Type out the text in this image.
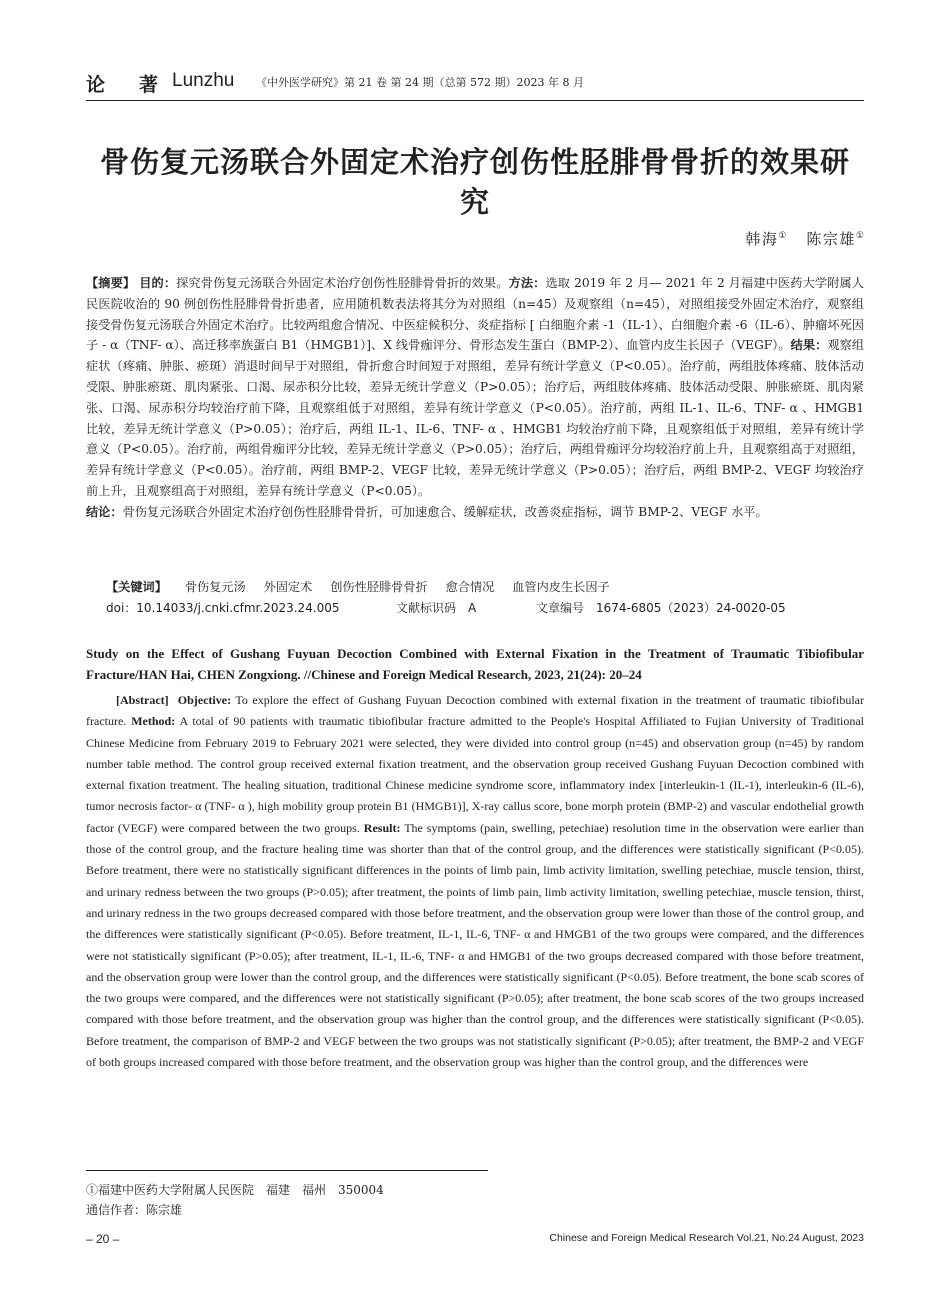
论著
Lunzhu 《中外医学研究》第 21 卷 第 24 期（总第 572 期）2023 年 8 月
骨伤复元汤联合外固定术治疗创伤性胫腓骨骨折的效果研究
韩海① 陈宗雄①
【摘要】 目的：探究骨伤复元汤联合外固定术治疗创伤性胫腓骨骨折的效果。方法：选取 2019 年 2 月— 2021 年 2 月福建中医药大学附属人民医院收治的 90 例创伤性胫腓骨骨折患者，应用随机数表法将其分为对照组（n=45）及观察组（n=45），对照组接受外固定术治疗，观察组接受骨伤复元汤联合外固定术治疗。比较两组愈合情况、中医症候积分、炎症指标 [ 白细胞介素 -1（IL-1）、白细胞介素 -6（IL-6）、肿瘤坏死因子 - α（TNF- α）、高迁移率族蛋白 B1（HMGB1）]、X 线骨痂评分、骨形态发生蛋白（BMP-2）、血管内皮生长因子（VEGF）。结果：观察组症状（疼痛、肿胀、瘀斑）消退时间早于对照组，骨折愈合时间短于对照组，差异有统计学意义（P<0.05）。治疗前，两组肢体疼痛、肢体活动受限、肿胀瘀斑、肌肉紧张、口渴、尿赤积分比较，差异无统计学意义（P>0.05）；治疗后，两组肢体疼痛、肢体活动受限、肿胀瘀斑、肌肉紧张、口渴、尿赤积分均较治疗前下降，且观察组低于对照组，差异有统计学意义（P<0.05）。治疗前，两组 IL-1、IL-6、TNF- α 、HMGB1 比较，差异无统计学意义（P>0.05）；治疗后，两组 IL-1、IL-6、TNF- α 、HMGB1 均较治疗前下降，且观察组低于对照组，差异有统计学意义（P<0.05）。治疗前，两组骨痂评分比较，差异无统计学意义（P>0.05）；治疗后，两组骨痂评分均较治疗前上升，且观察组高于对照组，差异有统计学意义（P<0.05）。治疗前，两组 BMP-2、VEGF 比较，差异无统计学意义（P>0.05）；治疗后，两组 BMP-2、VEGF 均较治疗前上升，且观察组高于对照组，差异有统计学意义（P<0.05）。
结论：骨伤复元汤联合外固定术治疗创伤性胫腓骨骨折，可加速愈合、缓解症状，改善炎症指标，调节 BMP-2、VEGF 水平。
【关键词】 骨伤复元汤 外固定术 创伤性胫腓骨骨折 愈合情况 血管内皮生长因子
doi：10.14033/j.cnki.cfmr.2023.24.005	文献标识码　A	文章编号　1674-6805（2023）24-0020-05
Study on the Effect of Gushang Fuyuan Decoction Combined with External Fixation in the Treatment of Traumatic Tibiofibular Fracture/HAN Hai, CHEN Zongxiong. //Chinese and Foreign Medical Research, 2023, 21(24): 20–24
[Abstract] Objective: To explore the effect of Gushang Fuyuan Decoction combined with external fixation in the treatment of traumatic tibiofibular fracture. Method: A total of 90 patients with traumatic tibiofibular fracture admitted to the People's Hospital Affiliated to Fujian University of Traditional Chinese Medicine from February 2019 to February 2021 were selected, they were divided into control group (n=45) and observation group (n=45) by random number table method. The control group received external fixation treatment, and the observation group received Gushang Fuyuan Decoction combined with external fixation treatment. The healing situation, traditional Chinese medicine syndrome score, inflammatory index [interleukin-1 (IL-1), interleukin-6 (IL-6), tumor necrosis factor- α (TNF- α ), high mobility group protein B1 (HMGB1)], X-ray callus score, bone morph protein (BMP-2) and vascular endothelial growth factor (VEGF) were compared between the two groups. Result: The symptoms (pain, swelling, petechiae) resolution time in the observation were earlier than those of the control group, and the fracture healing time was shorter than that of the control group, and the differences were statistically significant (P<0.05). Before treatment, there were no statistically significant differences in the points of limb pain, limb activity limitation, swelling petechiae, muscle tension, thirst, and urinary redness between the two groups (P>0.05); after treatment, the points of limb pain, limb activity limitation, swelling petechiae, muscle tension, thirst, and urinary redness in the two groups decreased compared with those before treatment, and the observation group were lower than those of the control group, and the differences were statistically significant (P<0.05). Before treatment, IL-1, IL-6, TNF- α and HMGB1 of the two groups were compared, and the differences were not statistically significant (P>0.05); after treatment, IL-1, IL-6, TNF- α and HMGB1 of the two groups decreased compared with those before treatment, and the observation group were lower than the control group, and the differences were statistically significant (P<0.05). Before treatment, the bone scab scores of the two groups were compared, and the differences were not statistically significant (P>0.05); after treatment, the bone scab scores of the two groups increased compared with those before treatment, and the observation group was higher than the control group, and the differences were statistically significant (P<0.05). Before treatment, the comparison of BMP-2 and VEGF between the two groups was not statistically significant (P>0.05); after treatment, the BMP-2 and VEGF of both groups increased compared with those before treatment, and the observation group was higher than the control group, and the differences were
①福建中医药大学附属人民医院　福建　福州　350004
通信作者：陈宗雄
– 20 –	Chinese and Foreign Medical Research Vol.21, No.24 August, 2023
